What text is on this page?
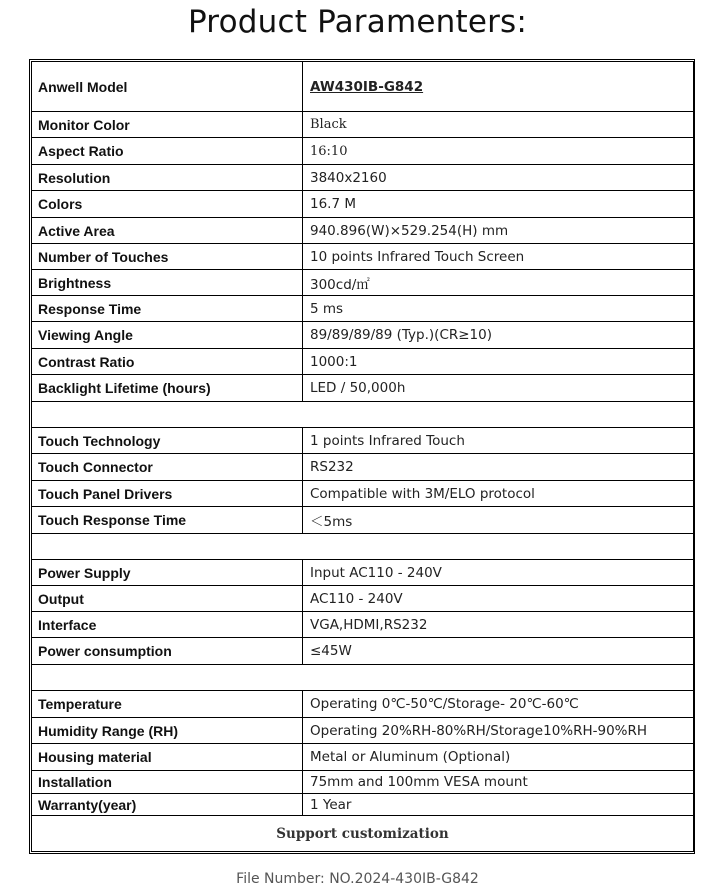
Product Paramenters:
Anwell Model	AW430IB-G842
Monitor Color	Black
Aspect Ratio	16:10
Resolution	3840x2160
Colors	16.7 M
Active Area	940.896(W)×529.254(H) mm
Number of Touches	10 points Infrared Touch Screen
Brightness	300cd/㎡
Response Time	5 ms
Viewing Angle	89/89/89/89 (Typ.)(CR≥10)
Contrast Ratio	1000:1
Backlight Lifetime (hours)	LED / 50,000h
Touch Technology	1 points Infrared Touch
Touch Connector	RS232
Touch Panel Drivers	Compatible with 3M/ELO protocol
Touch Response Time	＜5ms
Power Supply	Input AC110 - 240V
Output	AC110 - 240V
Interface	VGA,HDMI,RS232
Power consumption	≤45W
Temperature	Operating 0℃-50℃/Storage- 20℃-60℃
Humidity Range (RH)	Operating 20%RH-80%RH/Storage10%RH-90%RH
Housing material	Metal or Aluminum (Optional)
Installation	75mm and 100mm VESA mount
Warranty(year)	1 Year
Support customization
File Number: NO.2024-430IB-G842
